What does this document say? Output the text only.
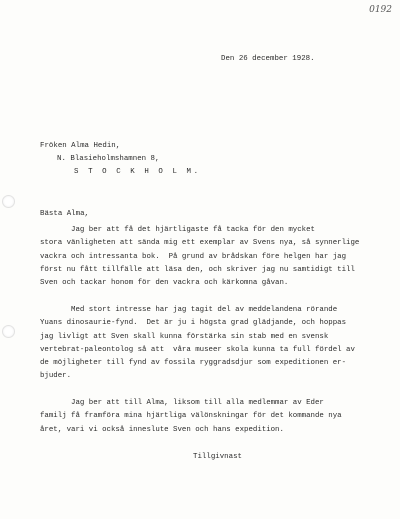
0192
Den 26 december 1928.
Fröken Alma Hedin,
N. Blasieholmshamnen 8,
S T O C K H O L M.
Bästa Alma,
Jag ber att få det hjärtligaste få tacka för den mycket
stora vänligheten att sända mig ett exemplar av Svens nya, så synnerlige
vackra och intressanta bok.  På grund av brådskan före helgen har jag
först nu fått tillfälle att läsa den, och skriver jag nu samtidigt till
Sven och tackar honom för den vackra och kärkomna gåvan.
Med stort intresse har jag tagit del av meddelandena rörande
Yuans dinosaurie-fynd.  Det är ju i högsta grad glädjande, och hoppas
jag livligt att Sven skall kunna förstärka sin stab med en svensk
vertebrat-paleontolog så att  våra museer skola kunna ta full fördel av
de möjligheter till fynd av fossila ryggradsdjur som expeditionen er-
bjuder.
Jag ber att till Alma, liksom till alla medlemmar av Eder
familj få framföra mina hjärtliga välönskningar för det kommande nya
året, vari vi också inneslute Sven och hans expedition.
Tillgivnast
